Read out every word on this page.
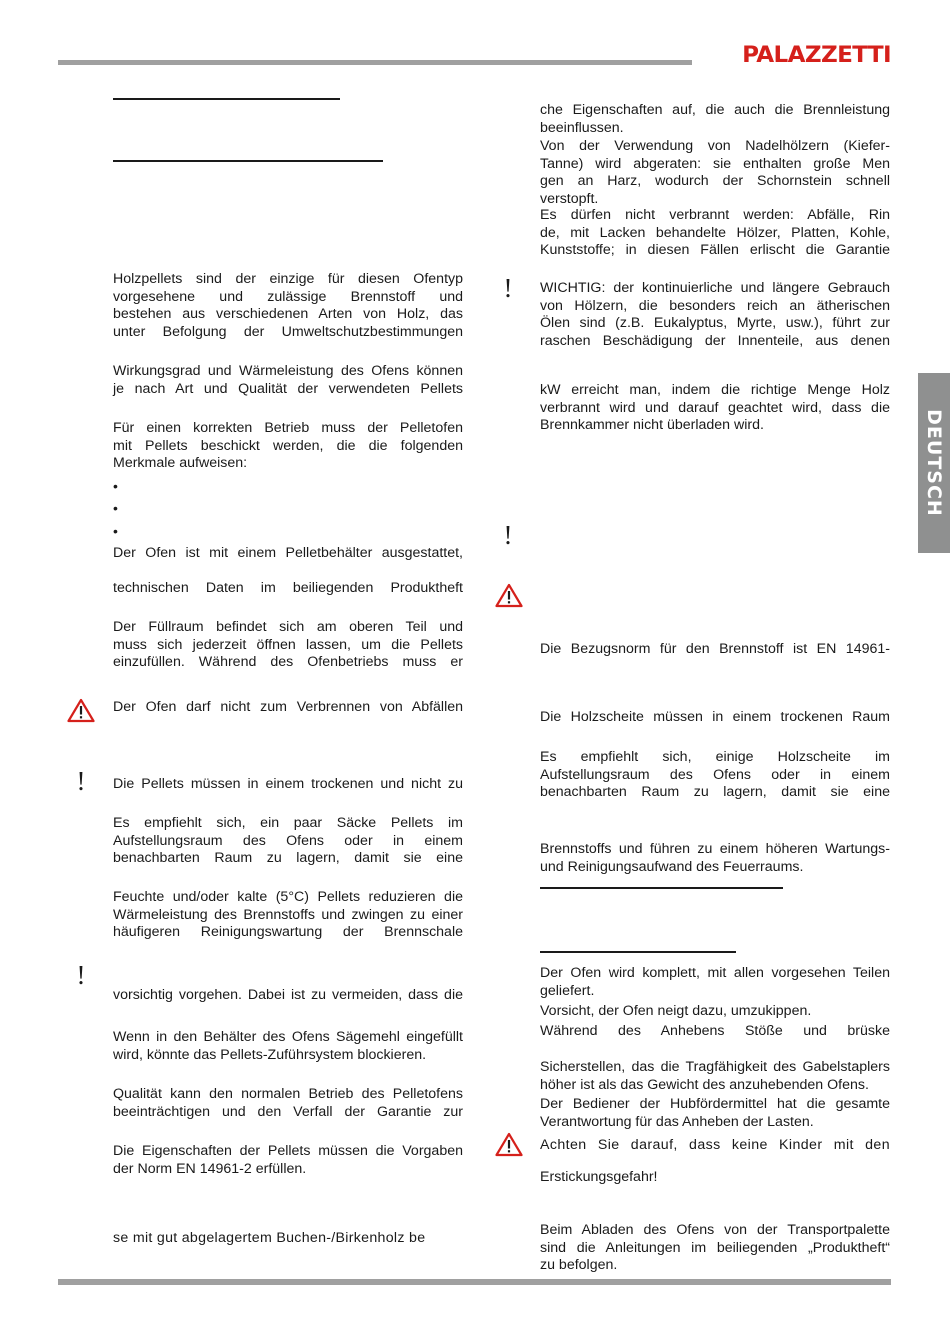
PALAZZETTI
DEUTSCH

Holzpellets sind der einzige für diesen Ofentyp
vorgesehene und zulässige Brennstoff und
bestehen aus verschiedenen Arten von Holz, das
unter Befolgung der Umweltschutzbestimmungen

Wirkungsgrad und Wärmeleistung des Ofens können
je nach Art und Qualität der verwendeten Pellets

Für einen korrekten Betrieb muss der Pelletofen
mit Pellets beschickt werden, die die folgenden
Merkmale aufweisen:

•
•
•

Der Ofen ist mit einem Pelletbehälter ausgestattet,

technischen Daten im beiliegenden Produktheft

Der Füllraum befindet sich am oberen Teil und
muss sich jederzeit öffnen lassen, um die Pellets
einzufüllen. Während des Ofenbetriebs muss er

Der Ofen darf nicht zum Verbrennen von Abfällen

! Die Pellets müssen in einem trockenen und nicht zu

Es empfiehlt sich, ein paar Säcke Pellets im
Aufstellungsraum des Ofens oder in einem
benachbarten Raum zu lagern, damit sie eine

Feuchte und/oder kalte (5°C) Pellets reduzieren die
Wärmeleistung des Brennstoffs und zwingen zu einer
häufigeren Reinigungswartung der Brennschale

!

vorsichtig vorgehen. Dabei ist zu vermeiden, dass die

Wenn in den Behälter des Ofens Sägemehl eingefüllt
wird, könnte das Pellets-Zuführsystem blockieren.

Qualität kann den normalen Betrieb des Pelletofens
beeinträchtigen und den Verfall der Garantie zur

Die Eigenschaften der Pellets müssen die Vorgaben
der Norm EN 14961-2 erfüllen.

se mit gut abgelagertem Buchen-/Birkenholz be

che Eigenschaften auf, die auch die Brennleistung
beeinflussen.

Von der Verwendung von Nadelhölzern (Kiefer-
Tanne) wird abgeraten: sie enthalten große Men
gen an Harz, wodurch der Schornstein schnell
verstopft.

Es dürfen nicht verbrannt werden: Abfälle, Rin
de, mit Lacken behandelte Hölzer, Platten, Kohle,
Kunststoffe; in diesen Fällen erlischt die Garantie

! WICHTIG: der kontinuierliche und längere Gebrauch
von Hölzern, die besonders reich an ätherischen
Ölen sind (z.B. Eukalyptus, Myrte, usw.), führt zur
raschen Beschädigung der Innenteile, aus denen

kW erreicht man, indem die richtige Menge Holz
verbrannt wird und darauf geachtet wird, dass die
Brennkammer nicht überladen wird.

!

Die Bezugsnorm für den Brennstoff ist EN 14961-

Die Holzscheite müssen in einem trockenen Raum

Es empfiehlt sich, einige Holzscheite im
Aufstellungsraum des Ofens oder in einem
benachbarten Raum zu lagern, damit sie eine

Brennstoffs und führen zu einem höheren Wartungs-
und Reinigungsaufwand des Feuerraums.

Der Ofen wird komplett, mit allen vorgesehen Teilen
geliefert.

Vorsicht, der Ofen neigt dazu, umzukippen.

Während des Anhebens Stöße und brüske

Sicherstellen, das die Tragfähigkeit des Gabelstaplers
höher ist als das Gewicht des anzuhebenden Ofens.

Der Bediener der Hubfördermittel hat die gesamte
Verantwortung für das Anheben der Lasten.

Achten Sie darauf, dass keine Kinder mit den

Erstickungsgefahr!

Beim Abladen des Ofens von der Transportpalette
sind die Anleitungen im beiliegenden „Produktheft“
zu befolgen.
